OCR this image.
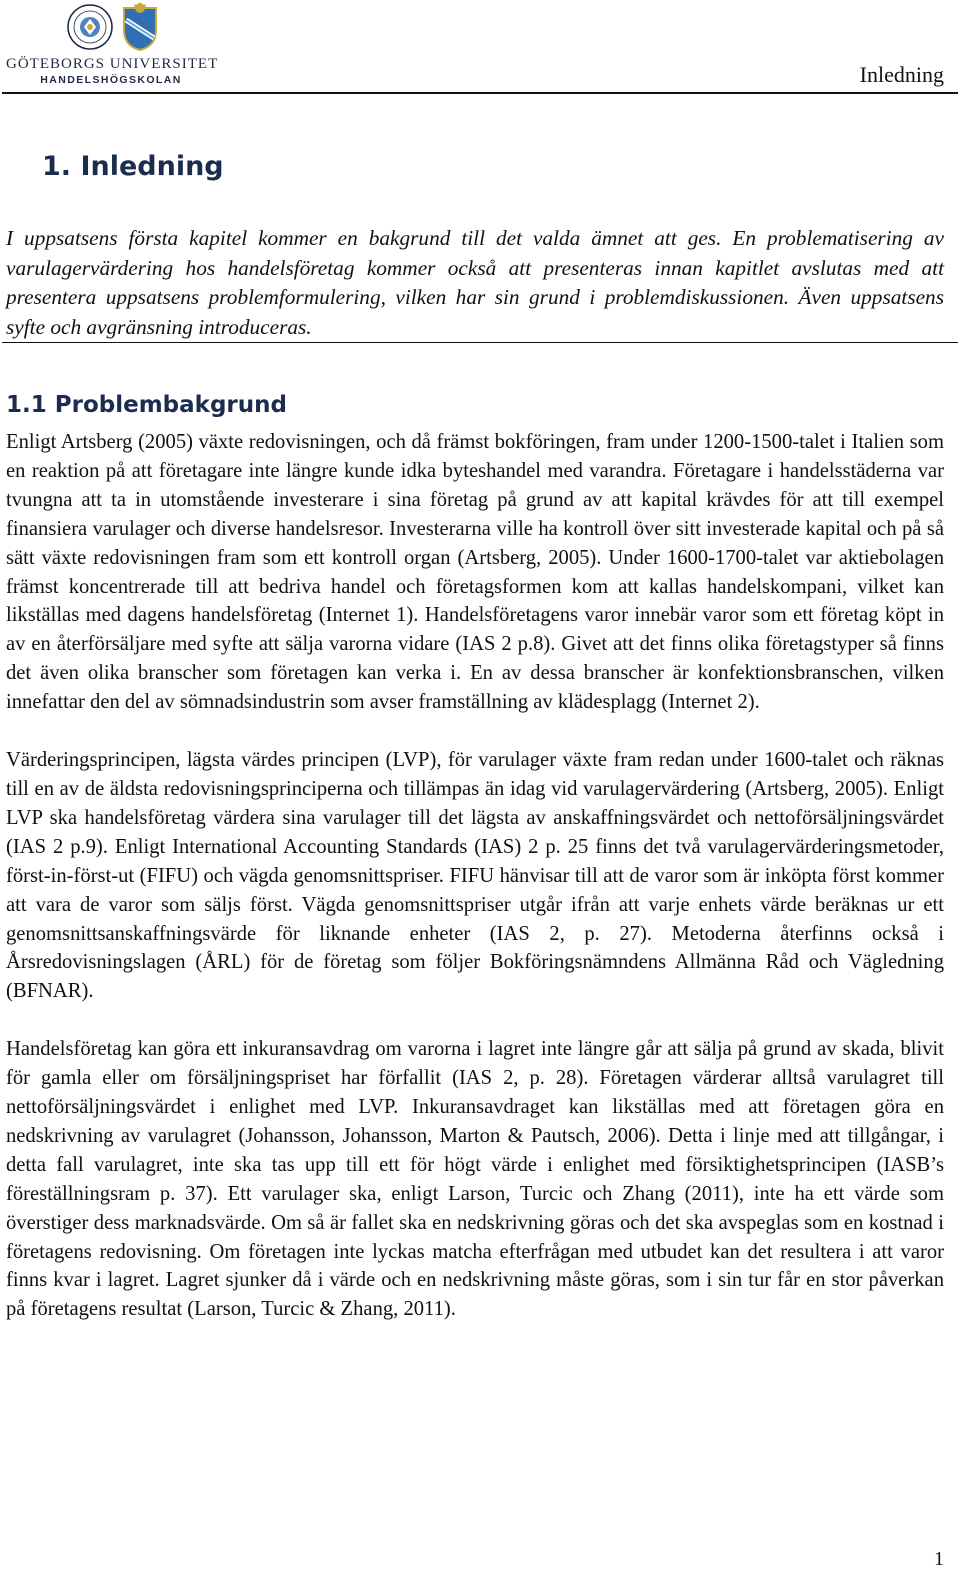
GÖTEBORGS UNIVERSITET
HANDELSHÖGSKOLAN	Inledning
1. Inledning

I uppsatsens första kapitel kommer en bakgrund till det valda ämnet att ges. En problematisering av varulagervärdering hos handelsföretag kommer också att presenteras innan kapitlet avslutas med att presentera uppsatsens problemformulering, vilken har sin grund i problemdiskussionen. Även uppsatsens syfte och avgränsning introduceras.

1.1 Problembakgrund

Enligt Artsberg (2005) växte redovisningen, och då främst bokföringen, fram under 1200-1500-talet i Italien som en reaktion på att företagare inte längre kunde idka byteshandel med varandra. Företagare i handelsstäderna var tvungna att ta in utomstående investerare i sina företag på grund av att kapital krävdes för att till exempel finansiera varulager och diverse handelsresor. Investerarna ville ha kontroll över sitt investerade kapital och på så sätt växte redovisningen fram som ett kontroll organ (Artsberg, 2005). Under 1600-1700-talet var aktiebolagen främst koncentrerade till att bedriva handel och företagsformen kom att kallas handelskompani, vilket kan likställas med dagens handelsföretag (Internet 1). Handelsföretagens varor innebär varor som ett företag köpt in av en återförsäljare med syfte att sälja varorna vidare (IAS 2 p.8). Givet att det finns olika företagstyper så finns det även olika branscher som företagen kan verka i. En av dessa branscher är konfektionsbranschen, vilken innefattar den del av sömnadsindustrin som avser framställning av klädesplagg (Internet 2).

Värderingsprincipen, lägsta värdes principen (LVP), för varulager växte fram redan under 1600-talet och räknas till en av de äldsta redovisningsprinciperna och tillämpas än idag vid varulagervärdering (Artsberg, 2005). Enligt LVP ska handelsföretag värdera sina varulager till det lägsta av anskaffningsvärdet och nettoförsäljningsvärdet (IAS 2 p.9). Enligt International Accounting Standards (IAS) 2 p. 25 finns det två varulagervärderingsmetoder, först-in-först-ut (FIFU) och vägda genomsnittspriser. FIFU hänvisar till att de varor som är inköpta först kommer att vara de varor som säljs först. Vägda genomsnittspriser utgår ifrån att varje enhets värde beräknas ur ett genomsnittsanskaffningsvärde för liknande enheter (IAS 2, p. 27). Metoderna återfinns också i Årsredovisningslagen (ÅRL) för de företag som följer Bokföringsnämndens Allmänna Råd och Vägledning (BFNAR).

Handelsföretag kan göra ett inkuransavdrag om varorna i lagret inte längre går att sälja på grund av skada, blivit för gamla eller om försäljningspriset har förfallit (IAS 2, p. 28). Företagen värderar alltså varulagret till nettoförsäljningsvärdet i enlighet med LVP. Inkuransavdraget kan likställas med att företagen göra en nedskrivning av varulagret (Johansson, Johansson, Marton & Pautsch, 2006). Detta i linje med att tillgångar, i detta fall varulagret, inte ska tas upp till ett för högt värde i enlighet med försiktighetsprincipen (IASB’s föreställningsram p. 37). Ett varulager ska, enligt Larson, Turcic och Zhang (2011), inte ha ett värde som överstiger dess marknadsvärde. Om så är fallet ska en nedskrivning göras och det ska avspeglas som en kostnad i företagens redovisning. Om företagen inte lyckas matcha efterfrågan med utbudet kan det resultera i att varor finns kvar i lagret. Lagret sjunker då i värde och en nedskrivning måste göras, som i sin tur får en stor påverkan på företagens resultat (Larson, Turcic & Zhang, 2011).

1
